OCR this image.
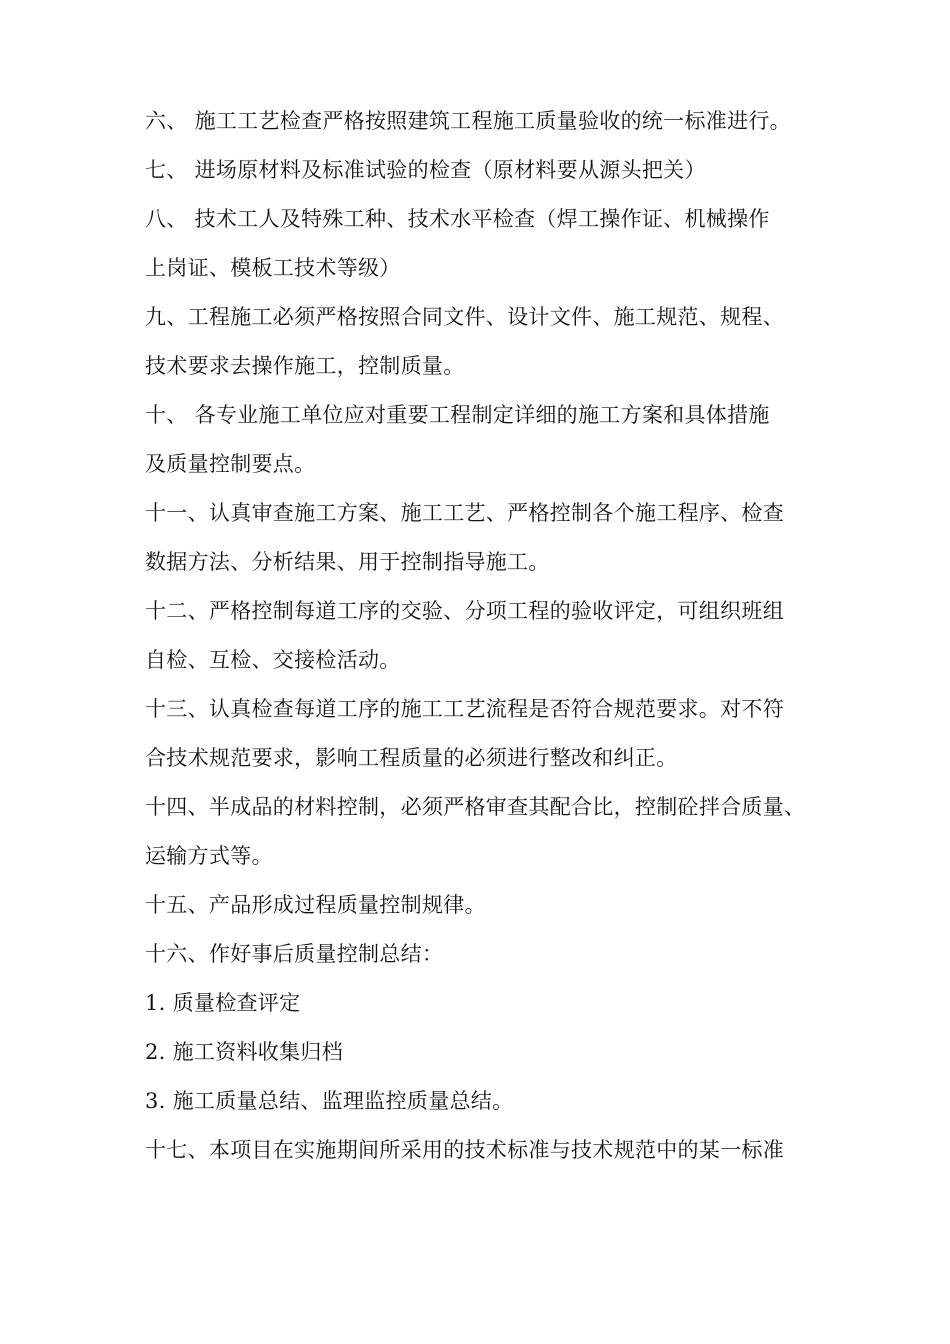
六、 施工工艺检查严格按照建筑工程施工质量验收的统一标准进行。
七、 进场原材料及标准试验的检查（原材料要从源头把关）
八、 技术工人及特殊工种、技术水平检查（焊工操作证、机械操作
上岗证、模板工技术等级）
九、工程施工必须严格按照合同文件、设计文件、施工规范、规程、
技术要求去操作施工，控制质量。
十、 各专业施工单位应对重要工程制定详细的施工方案和具体措施
及质量控制要点。
十一、认真审查施工方案、施工工艺、严格控制各个施工程序、检查
数据方法、分析结果、用于控制指导施工。
十二、严格控制每道工序的交验、分项工程的验收评定，可组织班组
自检、互检、交接检活动。
十三、认真检查每道工序的施工工艺流程是否符合规范要求。对不符
合技术规范要求，影响工程质量的必须进行整改和纠正。
十四、半成品的材料控制，必须严格审查其配合比，控制砼拌合质量、
运输方式等。
十五、产品形成过程质量控制规律。
十六、作好事后质量控制总结：
1. 质量检查评定
2. 施工资料收集归档
3. 施工质量总结、监理监控质量总结。
十七、本项目在实施期间所采用的技术标准与技术规范中的某一标准
